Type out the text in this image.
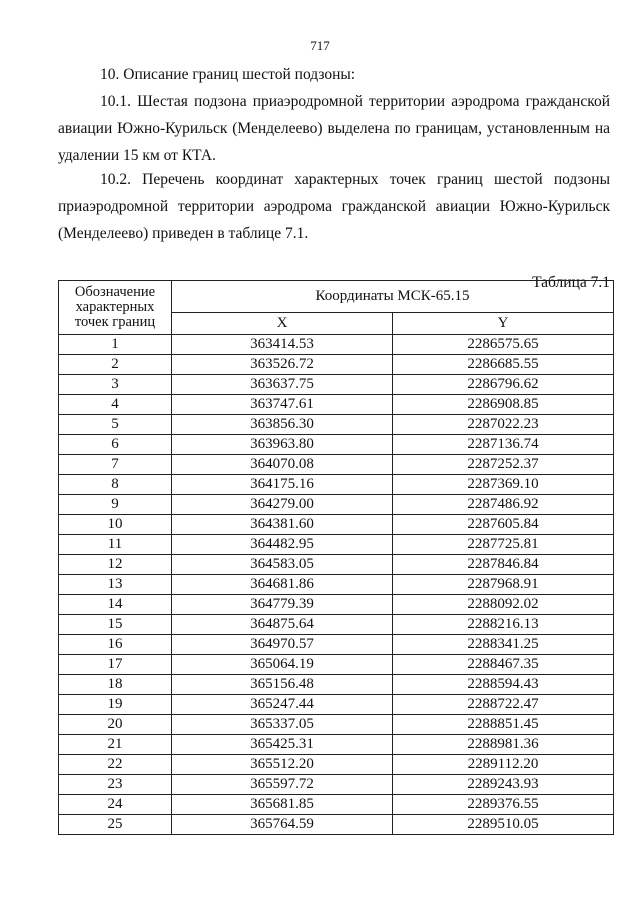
717
10. Описание границ шестой подзоны:

10.1. Шестая подзона приаэродромной территории аэродрома гражданской авиации Южно-Курильск (Менделеево) выделена по границам, установленным на удалении 15 км от КТА.

10.2. Перечень координат характерных точек границ шестой подзоны приаэродромной территории аэродрома гражданской авиации Южно-Курильск (Менделеево) приведен в таблице 7.1.

Таблица 7.1
Обозначение характерных точек границ	Координаты МСК-65.15	
	X	Y
1	363414.53	2286575.65
2	363526.72	2286685.55
3	363637.75	2286796.62
4	363747.61	2286908.85
5	363856.30	2287022.23
6	363963.80	2287136.74
7	364070.08	2287252.37
8	364175.16	2287369.10
9	364279.00	2287486.92
10	364381.60	2287605.84
11	364482.95	2287725.81
12	364583.05	2287846.84
13	364681.86	2287968.91
14	364779.39	2288092.02
15	364875.64	2288216.13
16	364970.57	2288341.25
17	365064.19	2288467.35
18	365156.48	2288594.43
19	365247.44	2288722.47
20	365337.05	2288851.45
21	365425.31	2288981.36
22	365512.20	2289112.20
23	365597.72	2289243.93
24	365681.85	2289376.55
25	365764.59	2289510.05
